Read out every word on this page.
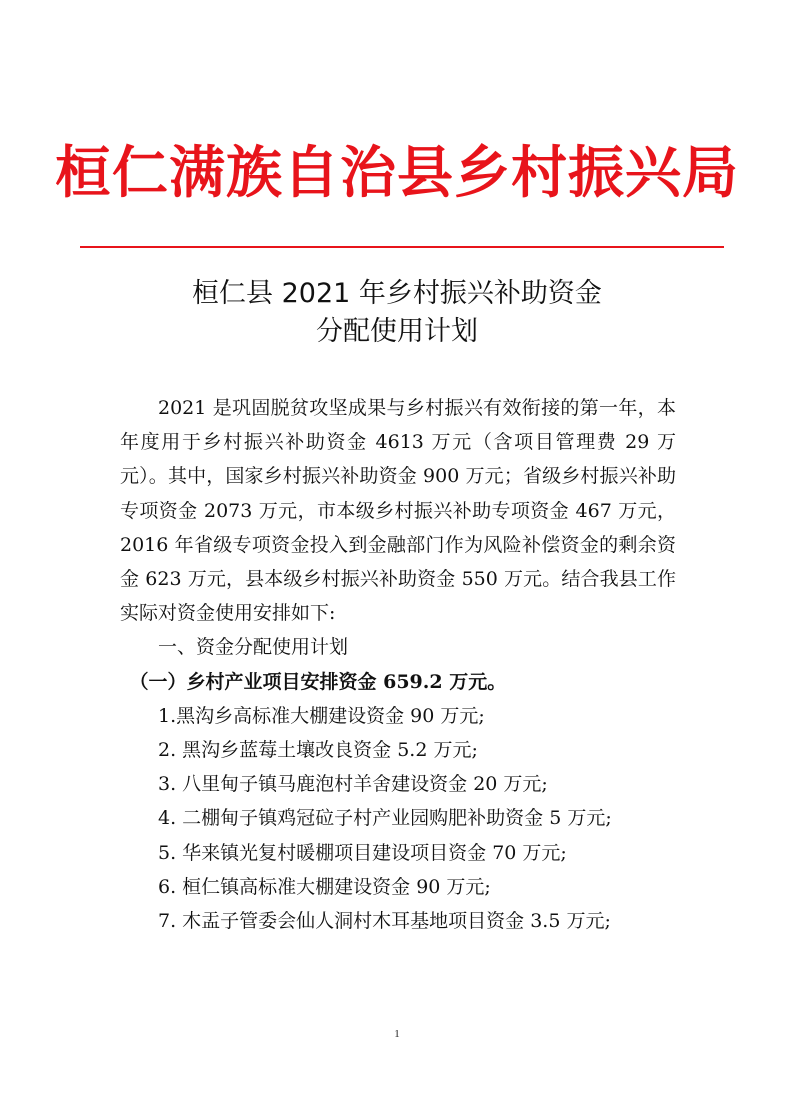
桓仁满族自治县乡村振兴局
桓仁县 2021 年乡村振兴补助资金
分配使用计划

2021 是巩固脱贫攻坚成果与乡村振兴有效衔接的第一年，本年度用于乡村振兴补助资金 4613 万元（含项目管理费 29 万元）。其中，国家乡村振兴补助资金 900 万元；省级乡村振兴补助专项资金 2073 万元，市本级乡村振兴补助专项资金 467 万元，2016 年省级专项资金投入到金融部门作为风险补偿资金的剩余资金 623 万元，县本级乡村振兴补助资金 550 万元。结合我县工作实际对资金使用安排如下:

一、资金分配使用计划

（一）乡村产业项目安排资金 659.2 万元。

1.黑沟乡高标准大棚建设资金 90 万元;

2. 黑沟乡蓝莓土壤改良资金 5.2 万元;

3. 八里甸子镇马鹿泡村羊舍建设资金 20 万元;

4. 二棚甸子镇鸡冠砬子村产业园购肥补助资金 5 万元;

5. 华来镇光复村暖棚项目建设项目资金 70 万元;

6. 桓仁镇高标准大棚建设资金 90 万元;

7. 木盂子管委会仙人洞村木耳基地项目资金 3.5 万元;

1
